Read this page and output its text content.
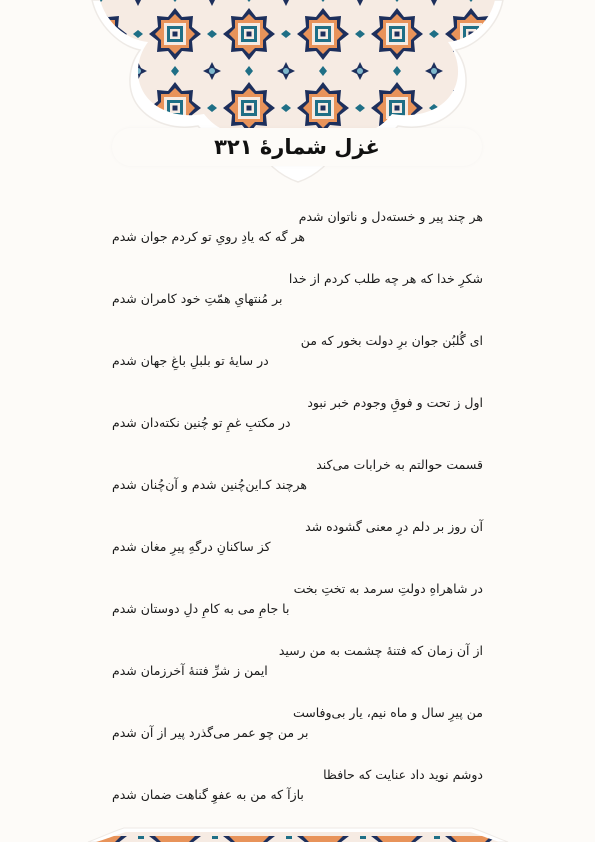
غزل شمارهٔ ۳۲۱
هر چند پیر و خسته‌دل و ناتوان شدم
هر گه که یادِ رویِ تو کردم جوان شدم
شکرِ خدا که هر چه طلب کردم از خدا
بر مُنتهایِ همّتِ خود کامران شدم
ای گُلبُن جوان برِ دولت بخور که من
در سایهٔ تو بلبلِ باغِ جهان شدم
اول ز تحت و فوقِ وجودم خبر نبود
در مکتبِ غمِ تو چُنین نکته‌دان شدم
قسمت حوالتم به خرابات می‌کند
هرچند کـ‌این‌چُنین شدم و آن‌چُنان شدم
آن روز بر دلم درِ معنی گشوده شد
کز ساکنانِ درگهِ پیرِ مغان شدم
در شاهراهِ دولتِ سرمد به تختِ بخت
با جامِ می به کامِ دلِ دوستان شدم
از آن زمان که فتنهٔ چشمت به من رسید
ایمن ز شرِّ فتنهٔ آخرزمان شدم
من پیرِ سال و ماه نیم، یار بی‌وفاست
بر من چو عمر می‌گذرد پیر از آن شدم
دوشم نوید داد عنایت که حافظا
بازآ که من به عفوِ گناهت ضمان شدم
